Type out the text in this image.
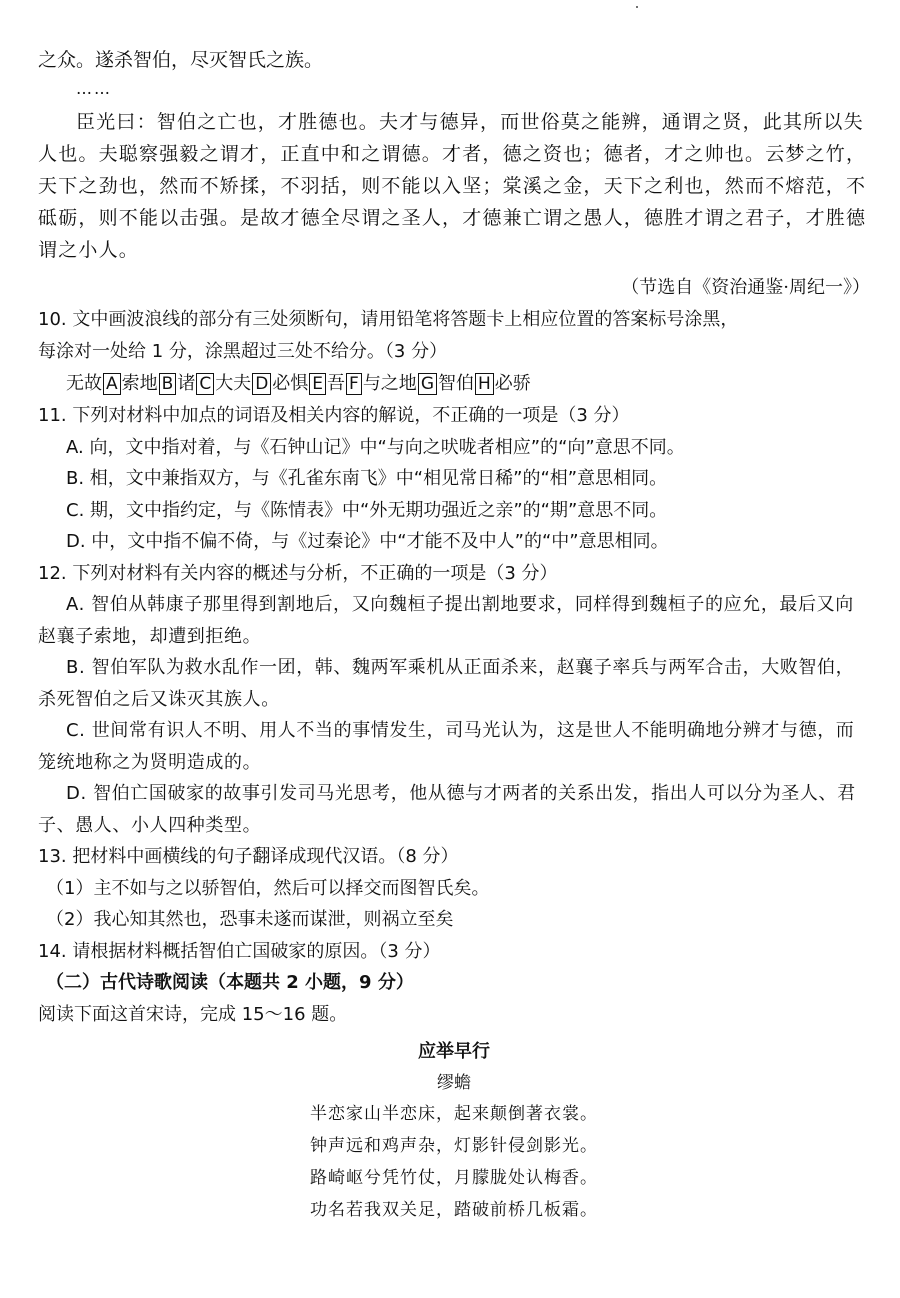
之众。遂杀智伯，尽灭智氏之族。
……
臣光曰：智伯之亡也，才胜德也。夫才与德异，而世俗莫之能辨，通谓之贤，此其所以失人也。夫聪察强毅之谓才，正直中和之谓德。才者，德之资也；德者，才之帅也。云梦之竹，天下之劲也，然而不矫揉，不羽括，则不能以入坚；棠溪之金，天下之利也，然而不熔范，不砥砺，则不能以击强。是故才德全尽谓之圣人，才德兼亡谓之愚人，德胜才谓之君子，才胜德谓之小人。
（节选自《资治通鉴·周纪一》）
10. 文中画波浪线的部分有三处须断句，请用铅笔将答题卡上相应位置的答案标号涂黑，
每涂对一处给 1 分，涂黑超过三处不给分。（3 分）
无故 A 索地 B 诸 C 大夫 D 必惧 E 吾 F 与之地 G 智伯 H 必骄
11. 下列对材料中加点的词语及相关内容的解说，不正确的一项是（3 分）
A. 向，文中指对着，与《石钟山记》中“与向之吠咙者相应”的“向”意思不同。
B. 相，文中兼指双方，与《孔雀东南飞》中“相见常日稀”的“相”意思相同。
C. 期，文中指约定，与《陈情表》中“外无期功强近之亲”的“期”意思不同。
D. 中，文中指不偏不倚，与《过秦论》中“才能不及中人”的“中”意思相同。
12. 下列对材料有关内容的概述与分析，不正确的一项是（3 分）
A. 智伯从韩康子那里得到割地后，又向魏桓子提出割地要求，同样得到魏桓子的应允，最后又向赵襄子索地，却遭到拒绝。
B. 智伯军队为救水乱作一团，韩、魏两军乘机从正面杀来，赵襄子率兵与两军合击，大败智伯，杀死智伯之后又诛灭其族人。
C. 世间常有识人不明、用人不当的事情发生，司马光认为，这是世人不能明确地分辨才与德，而笼统地称之为贤明造成的。
D. 智伯亡国破家的故事引发司马光思考，他从德与才两者的关系出发，指出人可以分为圣人、君子、愚人、小人四种类型。
13. 把材料中画横线的句子翻译成现代汉语。（8 分）
（1）主不如与之以骄智伯，然后可以择交而图智氏矣。
（2）我心知其然也，恐事未遂而谋泄，则祸立至矣
14. 请根据材料概括智伯亡国破家的原因。（3 分）
（二）古代诗歌阅读（本题共 2 小题，9 分）
阅读下面这首宋诗，完成 15～16 题。
应举早行
缪蟾
半恋家山半恋床，起来颠倒著衣裳。
钟声远和鸡声杂，灯影针侵剑影光。
路崎岖兮凭竹仗，月朦胧处认梅香。
功名若我双关足，踏破前桥几板霜。
